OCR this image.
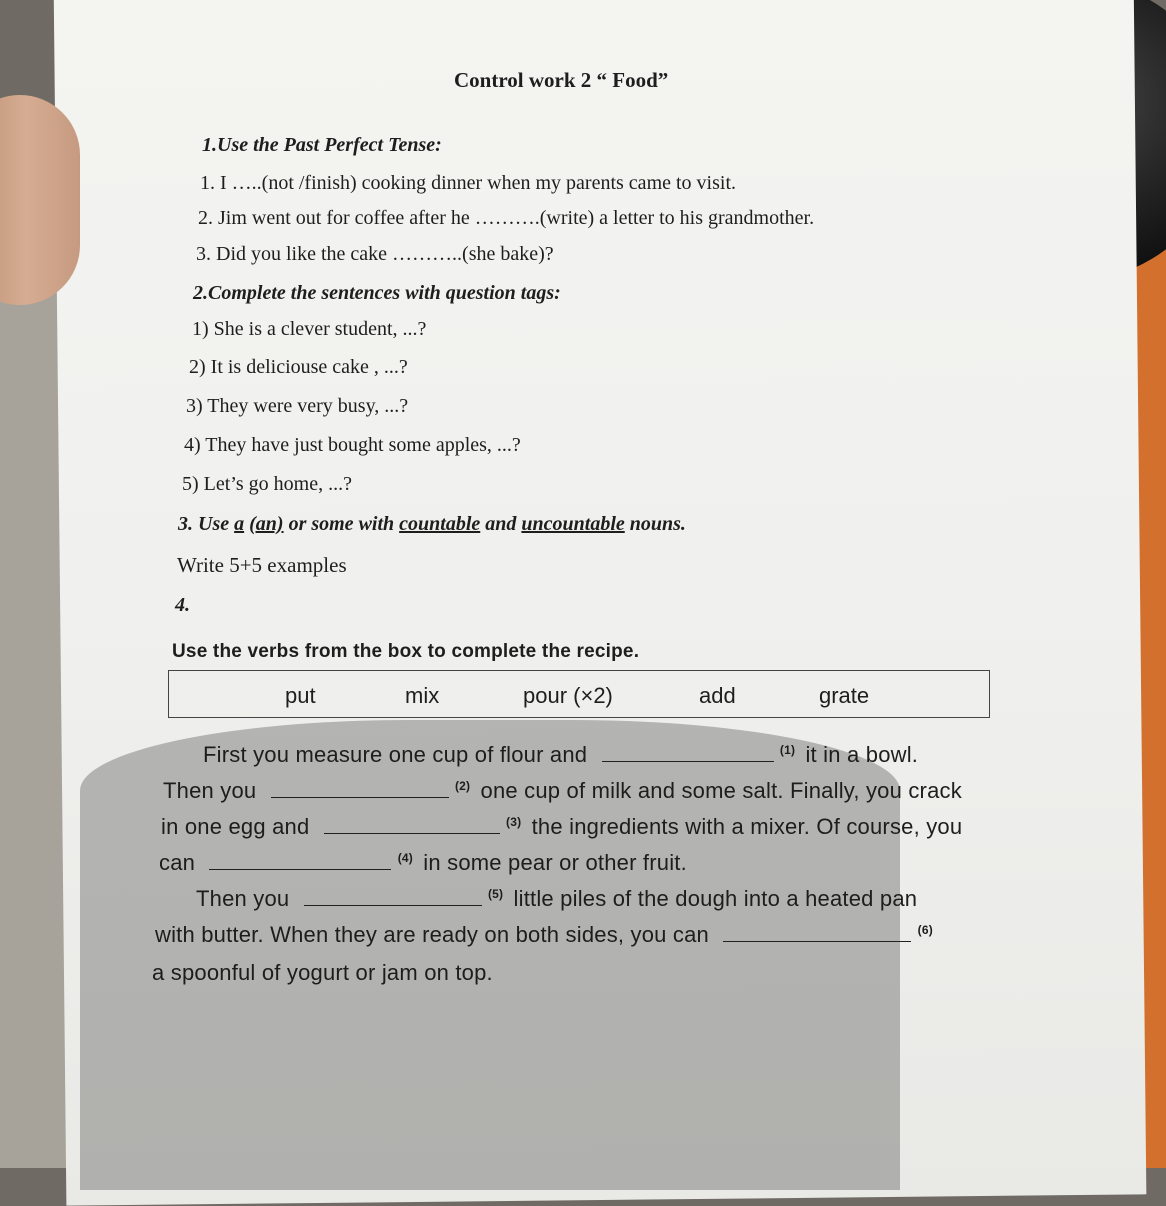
Control work 2 “ Food”
1.Use the Past Perfect Tense:
1. I …..(not /finish) cooking dinner when my parents came to visit.
2. Jim went out for coffee after he ……….(write) a letter to his grandmother.
3. Did you like the cake ………..(she bake)?
2.Complete the sentences with question tags:
1) She is a clever student, ...?
2) It is deliciouse cake , ...?
3) They were very busy, ...?
4) They have just bought some apples, ...?
5) Let’s go home, ...?
3. Use a (an) or some with countable and uncountable nouns.
Write 5+5 examples
4.
Use the verbs from the box to complete the recipe.
put	mix	pour (×2)	add	grate
First you measure one cup of flour and	$^{(1)}$ it in a bowl.
Then you	$^{(2)}$ one cup of milk and some salt. Finally, you crack
in one egg and	$^{(3)}$ the ingredients with a mixer. Of course, you
can	$^{(4)}$ in some pear or other fruit.
Then you	$^{(5)}$ little piles of the dough into a heated pan
with butter. When they are ready on both sides, you can	$^{(6)}$
a spoonful of yogurt or jam on top.
